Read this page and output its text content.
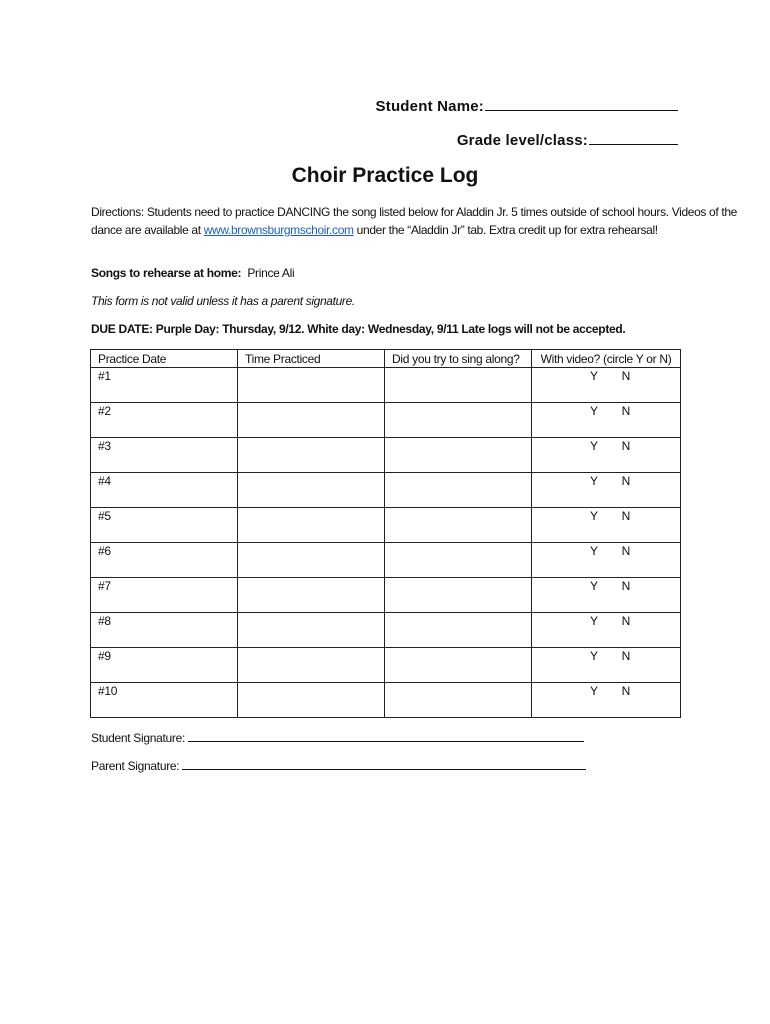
Student Name:
Grade level/class:
Choir Practice Log
Directions: Students need to practice DANCING the song listed below for Aladdin Jr. 5 times outside of school hours. Videos of the dance are available at www.brownsburgmschoir.com under the “Aladdin Jr” tab. Extra credit up for extra rehearsal!
Songs to rehearse at home: Prince Ali
This form is not valid unless it has a parent signature.
DUE DATE: Purple Day: Thursday, 9/12. White day: Wednesday, 9/11 Late logs will not be accepted.
Practice Date	Time Practiced	Did you try to sing along?	With video? (circle Y or N)
#1			Y N

#2			Y N

#3			Y N

#4			Y N

#5			Y N

#6			Y N

#7			Y N

#8			Y N

#9			Y N

#10			Y N
Student Signature:
Parent Signature:
